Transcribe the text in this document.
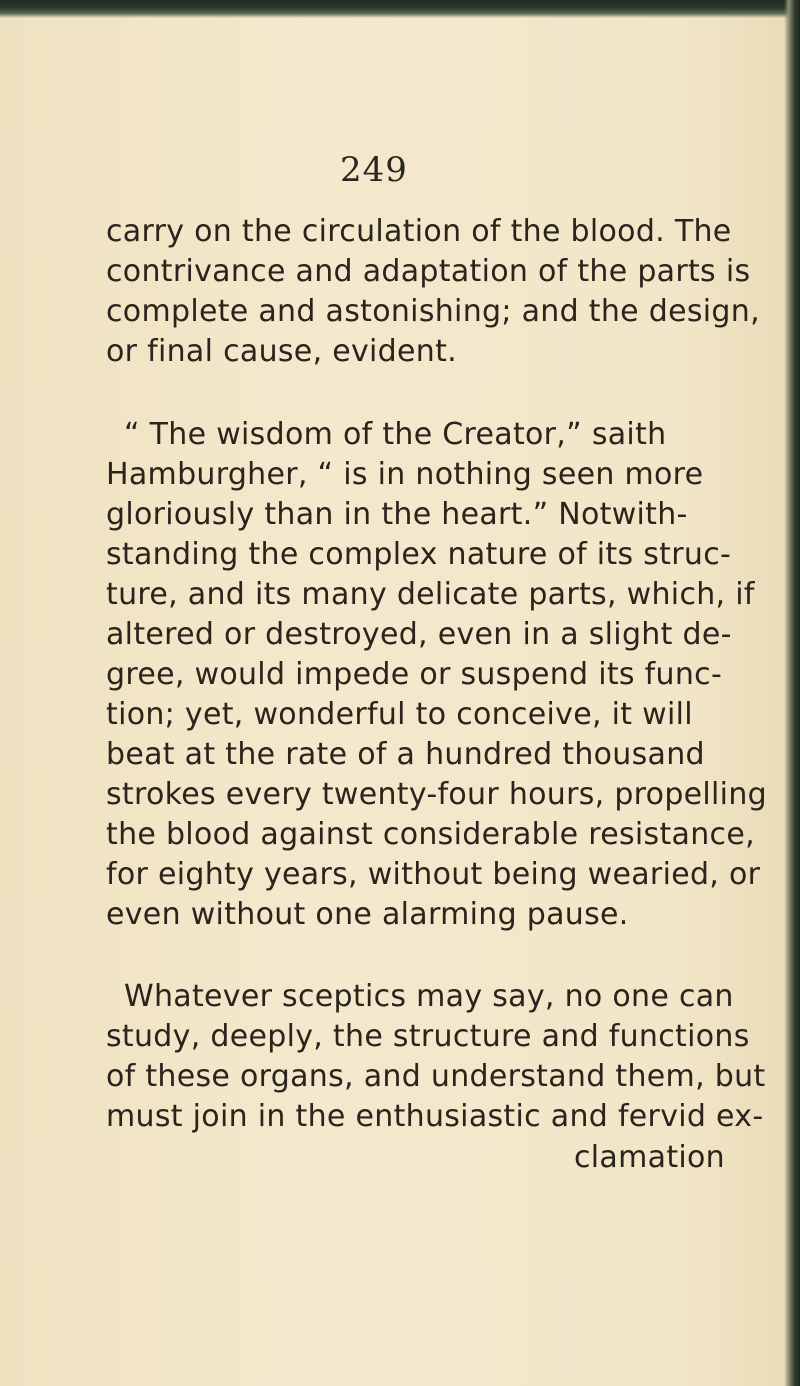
249

carry on the circulation of the blood. The

contrivance and adaptation of the parts is

complete and astonishing; and the design,

or final cause, evident.

“ The wisdom of the Creator,” saith

Hamburgher, “ is in nothing seen more

gloriously than in the heart.” Notwith-

standing the complex nature of its struc-

ture, and its many delicate parts, which, if

altered or destroyed, even in a slight de-

gree, would impede or suspend its func-

tion; yet, wonderful to conceive, it will

beat at the rate of a hundred thousand

strokes every twenty-four hours, propelling

the blood against considerable resistance,

for eighty years, without being wearied, or

even without one alarming pause.

Whatever sceptics may say, no one can

study, deeply, the structure and functions

of these organs, and understand them, but

must join in the enthusiastic and fervid ex-

clamation
